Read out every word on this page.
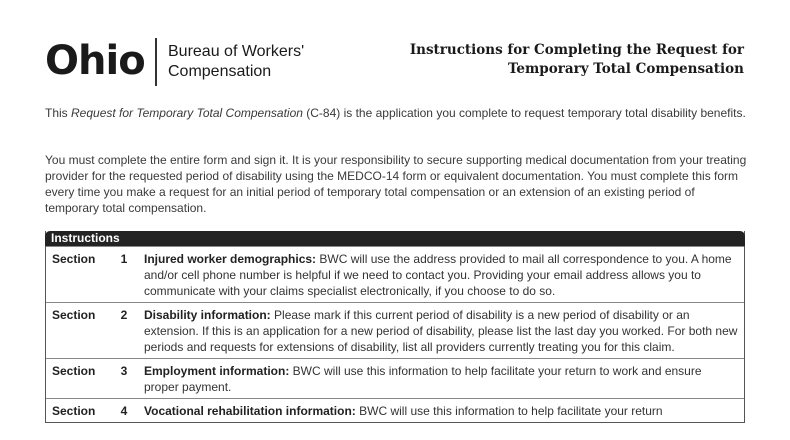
Ohio Bureau of Workers'
Compensation
Instructions for Completing the Request for
Temporary Total Compensation

This Request for Temporary Total Compensation (C-84) is the application you complete to request temporary total disability benefits.

You must complete the entire form and sign it. It is your responsibility to secure supporting medical documentation from your treating provider for the requested period of disability using the MEDCO-14 form or equivalent documentation. You must complete this form every time you make a request for an initial period of temporary total compensation or an extension of an existing period of temporary total compensation.

Instructions
Section	1	Injured worker demographics: BWC will use the address provided to mail all correspondence to you. A home and/or cell phone number is helpful if we need to contact you. Providing your email address allows you to communicate with your claims specialist electronically, if you choose to do so.
Section	2	Disability information: Please mark if this current period of disability is a new period of disability or an extension. If this is an application for a new period of disability, please list the last day you worked. For both new periods and requests for extensions of disability, list all providers currently treating you for this claim.
Section	3	Employment information: BWC will use this information to help facilitate your return to work and ensure proper payment.
Section	4	Vocational rehabilitation information: BWC will use this information to help facilitate your return
